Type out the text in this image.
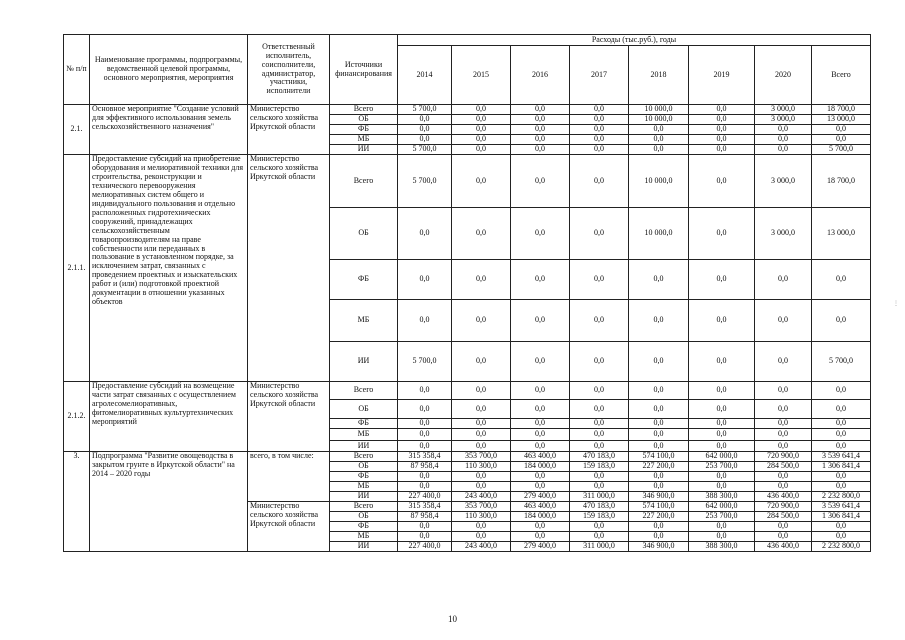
№ п/п	Наименование программы, подпрограммы, ведомственной целевой программы, основного мероприятия, мероприятия	Ответственный исполнитель, соисполнители, администратор, участники, исполнители	Источники финансирования	Расходы (тыс.руб.), годы							
				2014	2015	2016	2017	2018	2019	2020	Всего
2.1.	Основное мероприятие "Создание условий для эффективного использования земель сельскохозяйственного назначения"	Министерство сельского хозяйства Иркутской области	Всего	5 700,0	0,0	0,0	0,0	10 000,0	0,0	3 000,0	18 700,0
			ОБ	0,0	0,0	0,0	0,0	10 000,0	0,0	3 000,0	13 000,0
			ФБ	0,0	0,0	0,0	0,0	0,0	0,0	0,0	0,0
			МБ	0,0	0,0	0,0	0,0	0,0	0,0	0,0	0,0
			ИИ	5 700,0	0,0	0,0	0,0	0,0	0,0	0,0	5 700,0
2.1.1.	Предоставление субсидий на приобретение оборудования и мелиоративной техники для строительства, реконструкции и технического перевооружения мелиоративных систем общего и индивидуального пользования и отдельно расположенных гидротехнических сооружений, принадлежащих сельскохозяйственным товаропроизводителям на праве собственности или переданных в пользование в установленном порядке, за исключением затрат, связанных с проведением проектных и изыскательских работ и (или) подготовкой проектной документации в отношении указанных объектов	Министерство сельского хозяйства Иркутской области	Всего	5 700,0	0,0	0,0	0,0	10 000,0	0,0	3 000,0	18 700,0
			ОБ	0,0	0,0	0,0	0,0	10 000,0	0,0	3 000,0	13 000,0
			ФБ	0,0	0,0	0,0	0,0	0,0	0,0	0,0	0,0
			МБ	0,0	0,0	0,0	0,0	0,0	0,0	0,0	0,0
			ИИ	5 700,0	0,0	0,0	0,0	0,0	0,0	0,0	5 700,0
2.1.2.	Предоставление субсидий на возмещение части затрат связанных с осуществлением агролесомелиоративных, фитомелиоративных культуртехнических мероприятий	Министерство сельского хозяйства Иркутской области	Всего	0,0	0,0	0,0	0,0	0,0	0,0	0,0	0,0
			ОБ	0,0	0,0	0,0	0,0	0,0	0,0	0,0	0,0
			ФБ	0,0	0,0	0,0	0,0	0,0	0,0	0,0	0,0
			МБ	0,0	0,0	0,0	0,0	0,0	0,0	0,0	0,0
			ИИ	0,0	0,0	0,0	0,0	0,0	0,0	0,0	0,0
3.	Подпрограмма "Развитие овощеводства в закрытом грунте в Иркутской области" на 2014 – 2020 годы	всего, в том числе:	Всего	315 358,4	353 700,0	463 400,0	470 183,0	574 100,0	642 000,0	720 900,0	3 539 641,4
			ОБ	87 958,4	110 300,0	184 000,0	159 183,0	227 200,0	253 700,0	284 500,0	1 306 841,4
			ФБ	0,0	0,0	0,0	0,0	0,0	0,0	0,0	0,0
			МБ	0,0	0,0	0,0	0,0	0,0	0,0	0,0	0,0
			ИИ	227 400,0	243 400,0	279 400,0	311 000,0	346 900,0	388 300,0	436 400,0	2 232 800,0
		Министерство сельского хозяйства Иркутской области	Всего	315 358,4	353 700,0	463 400,0	470 183,0	574 100,0	642 000,0	720 900,0	3 539 641,4
			ОБ	87 958,4	110 300,0	184 000,0	159 183,0	227 200,0	253 700,0	284 500,0	1 306 841,4
			ФБ	0,0	0,0	0,0	0,0	0,0	0,0	0,0	0,0
			МБ	0,0	0,0	0,0	0,0	0,0	0,0	0,0	0,0
			ИИ	227 400,0	243 400,0	279 400,0	311 000,0	346 900,0	388 300,0	436 400,0	2 232 800,0
10
⋮
